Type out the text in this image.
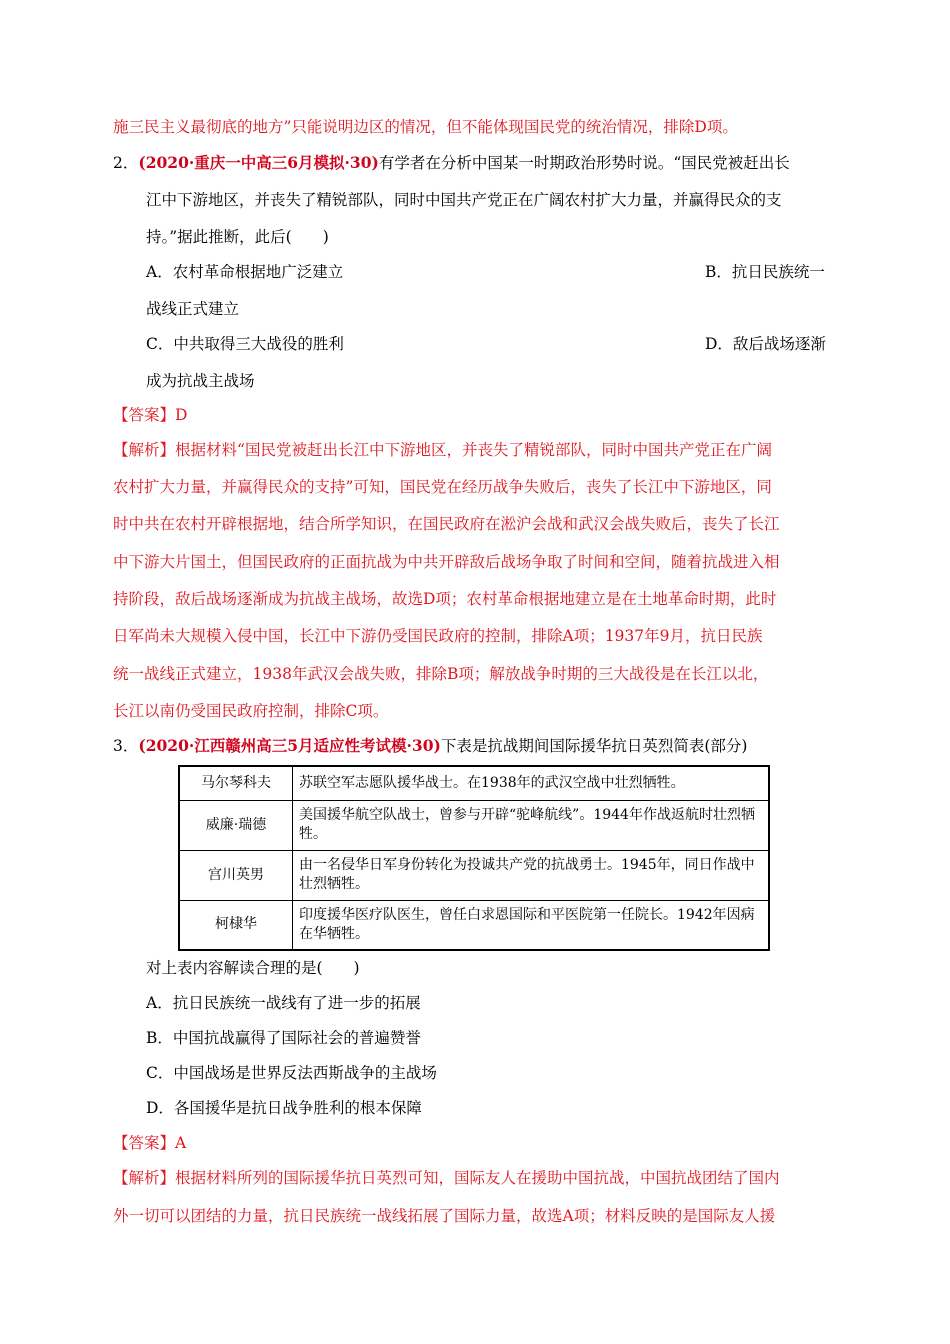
施三民主义最彻底的地方”只能说明边区的情况，但不能体现国民党的统治情况，排除D项。
2．(2020·重庆一中高三6月模拟·30)有学者在分析中国某一时期政治形势时说。“国民党被赶出长
江中下游地区，并丧失了精锐部队，同时中国共产党正在广阔农村扩大力量，并赢得民众的支
持。”据此推断，此后(　　)
A．农村革命根据地广泛建立	B．抗日民族统一
战线正式建立
C．中共取得三大战役的胜利	D．敌后战场逐渐
成为抗战主战场
【答案】D
【解析】根据材料“国民党被赶出长江中下游地区，并丧失了精锐部队，同时中国共产党正在广阔
农村扩大力量，并赢得民众的支持”可知，国民党在经历战争失败后，丧失了长江中下游地区，同
时中共在农村开辟根据地，结合所学知识，在国民政府在淞沪会战和武汉会战失败后，丧失了长江
中下游大片国土，但国民政府的正面抗战为中共开辟敌后战场争取了时间和空间，随着抗战进入相
持阶段，敌后战场逐渐成为抗战主战场，故选D项；农村革命根据地建立是在土地革命时期，此时
日军尚未大规模入侵中国，长江中下游仍受国民政府的控制，排除A项；1937年9月，抗日民族
统一战线正式建立，1938年武汉会战失败，排除B项；解放战争时期的三大战役是在长江以北，
长江以南仍受国民政府控制，排除C项。
3．(2020·江西赣州高三5月适应性考试模·30)下表是抗战期间国际援华抗日英烈简表(部分)
马尔琴科夫	苏联空军志愿队援华战士。在1938年的武汉空战中壮烈牺牲。
威廉·瑞德	美国援华航空队战士，曾参与开辟“驼峰航线”。1944年作战返航时壮烈牺牲。
宫川英男	由一名侵华日军身份转化为投诚共产党的抗战勇士。1945年，同日作战中壮烈牺牲。
柯棣华	印度援华医疗队医生，曾任白求恩国际和平医院第一任院长。1942年因病在华牺牲。
对上表内容解读合理的是(　　)
A．抗日民族统一战线有了进一步的拓展
B．中国抗战赢得了国际社会的普遍赞誉
C．中国战场是世界反法西斯战争的主战场
D．各国援华是抗日战争胜利的根本保障
【答案】A
【解析】根据材料所列的国际援华抗日英烈可知，国际友人在援助中国抗战，中国抗战团结了国内
外一切可以团结的力量，抗日民族统一战线拓展了国际力量，故选A项；材料反映的是国际友人援
